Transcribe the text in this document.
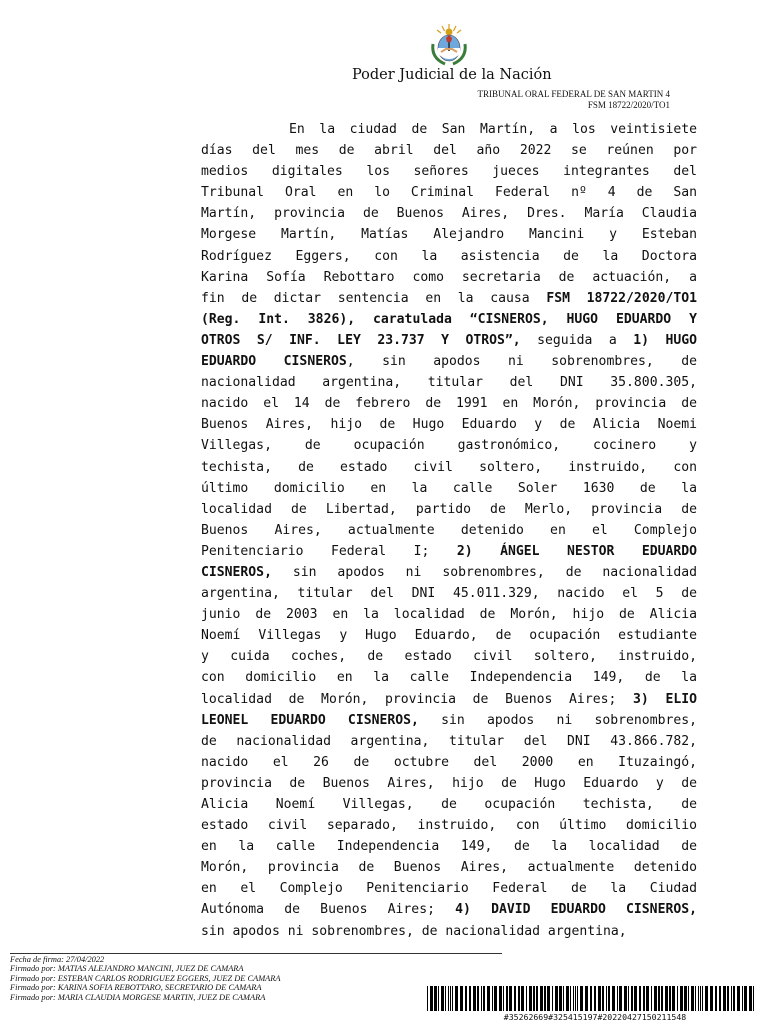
Poder Judicial de la Nación
TRIBUNAL ORAL FEDERAL DE SAN MARTIN 4
FSM 18722/2020/TO1
En la ciudad de San Martín, a los veintisiete
días del mes de abril del año 2022 se reúnen por
medios digitales los señores jueces integrantes del
Tribunal Oral en lo Criminal Federal nº 4 de San
Martín, provincia de Buenos Aires, Dres. María Claudia
Morgese Martín, Matías Alejandro Mancini y Esteban
Rodríguez Eggers, con la asistencia de la Doctora
Karina Sofía Rebottaro como secretaria de actuación, a
fin de dictar sentencia en la causa FSM 18722/2020/TO1
(Reg. Int. 3826), caratulada “CISNEROS, HUGO EDUARDO Y
OTROS S/ INF. LEY 23.737 Y OTROS”, seguida a 1) HUGO
EDUARDO CISNEROS, sin apodos ni sobrenombres, de
nacionalidad argentina, titular del DNI 35.800.305,
nacido el 14 de febrero de 1991 en Morón, provincia de
Buenos Aires, hijo de Hugo Eduardo y de Alicia Noemi
Villegas, de ocupación gastronómico, cocinero y
techista, de estado civil soltero, instruido, con
último domicilio en la calle Soler 1630 de la
localidad de Libertad, partido de Merlo, provincia de
Buenos Aires, actualmente detenido en el Complejo
Penitenciario Federal I; 2) ÁNGEL NESTOR EDUARDO
CISNEROS, sin apodos ni sobrenombres, de nacionalidad
argentina, titular del DNI 45.011.329, nacido el 5 de
junio de 2003 en la localidad de Morón, hijo de Alicia
Noemí Villegas y Hugo Eduardo, de ocupación estudiante
y cuida coches, de estado civil soltero, instruido,
con domicilio en la calle Independencia 149, de la
localidad de Morón, provincia de Buenos Aires; 3) ELIO
LEONEL EDUARDO CISNEROS, sin apodos ni sobrenombres,
de nacionalidad argentina, titular del DNI 43.866.782,
nacido el 26 de octubre del 2000 en Ituzaingó,
provincia de Buenos Aires, hijo de Hugo Eduardo y de
Alicia Noemí Villegas, de ocupación techista, de
estado civil separado, instruido, con último domicilio
en la calle Independencia 149, de la localidad de
Morón, provincia de Buenos Aires, actualmente detenido
en el Complejo Penitenciario Federal de la Ciudad
Autónoma de Buenos Aires; 4) DAVID EDUARDO CISNEROS,
sin apodos ni sobrenombres, de nacionalidad argentina,
Fecha de firma: 27/04/2022
Firmado por: MATIAS ALEJANDRO MANCINI, JUEZ DE CAMARA
Firmado por: ESTEBAN CARLOS RODRIGUEZ EGGERS, JUEZ DE CAMARA
Firmado por: KARINA SOFIA REBOTTARO, SECRETARIO DE CAMARA
Firmado por: MARIA CLAUDIA MORGESE MARTIN, JUEZ DE CAMARA
#35262669#325415197#20220427150211548
